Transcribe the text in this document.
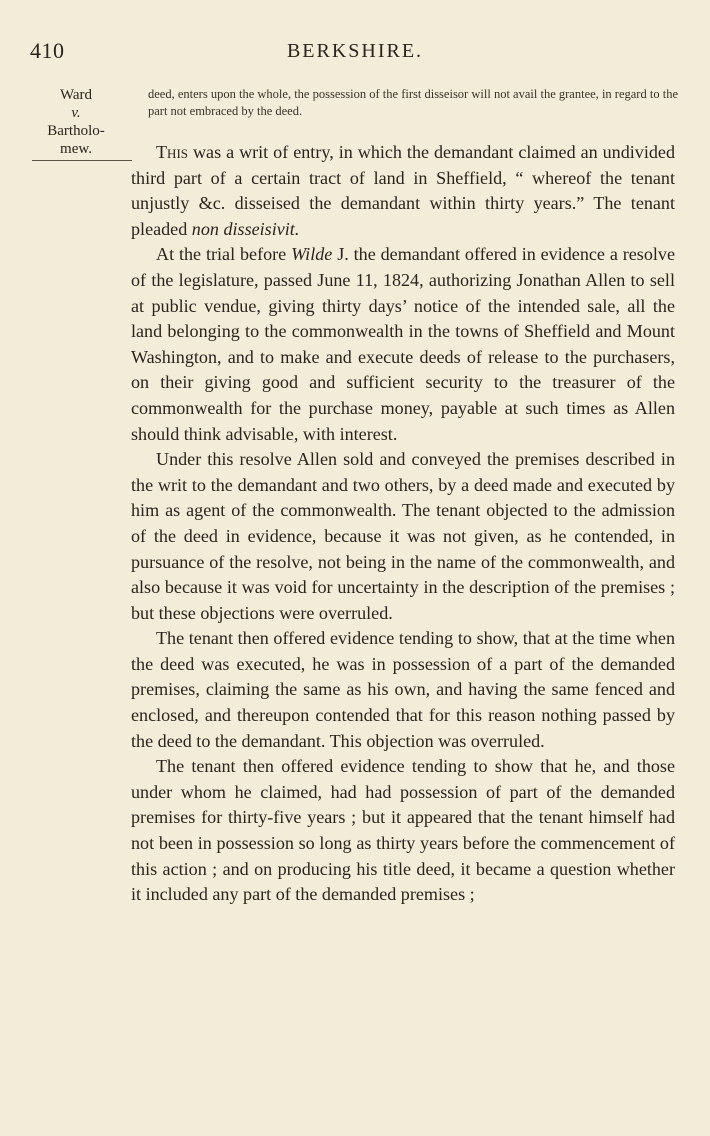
410	BERKSHIRE.
Ward
v.
Bartholo-
mew.
deed, enters upon the whole, the possession of the first disseisor will not avail the grantee, in regard to the part not embraced by the deed.

This was a writ of entry, in which the demandant claimed an undivided third part of a certain tract of land in Sheffield, “ whereof the tenant unjustly &c. disseised the demandant within thirty years.” The tenant pleaded non disseisivit.

At the trial before Wilde J. the demandant offered in evidence a resolve of the legislature, passed June 11, 1824, authorizing Jonathan Allen to sell at public vendue, giving thirty days’ notice of the intended sale, all the land belonging to the commonwealth in the towns of Sheffield and Mount Washington, and to make and execute deeds of release to the purchasers, on their giving good and sufficient security to the treasurer of the commonwealth for the purchase money, payable at such times as Allen should think advisable, with interest.

Under this resolve Allen sold and conveyed the premises described in the writ to the demandant and two others, by a deed made and executed by him as agent of the commonwealth. The tenant objected to the admission of the deed in evidence, because it was not given, as he contended, in pursuance of the resolve, not being in the name of the commonwealth, and also because it was void for uncertainty in the description of the premises ; but these objections were overruled.

The tenant then offered evidence tending to show, that at the time when the deed was executed, he was in possession of a part of the demanded premises, claiming the same as his own, and having the same fenced and enclosed, and thereupon contended that for this reason nothing passed by the deed to the demandant. This objection was overruled.

The tenant then offered evidence tending to show that he, and those under whom he claimed, had had possession of part of the demanded premises for thirty-five years ; but it appeared that the tenant himself had not been in possession so long as thirty years before the commencement of this action ; and on producing his title deed, it became a question whether it included any part of the demanded premises ;
